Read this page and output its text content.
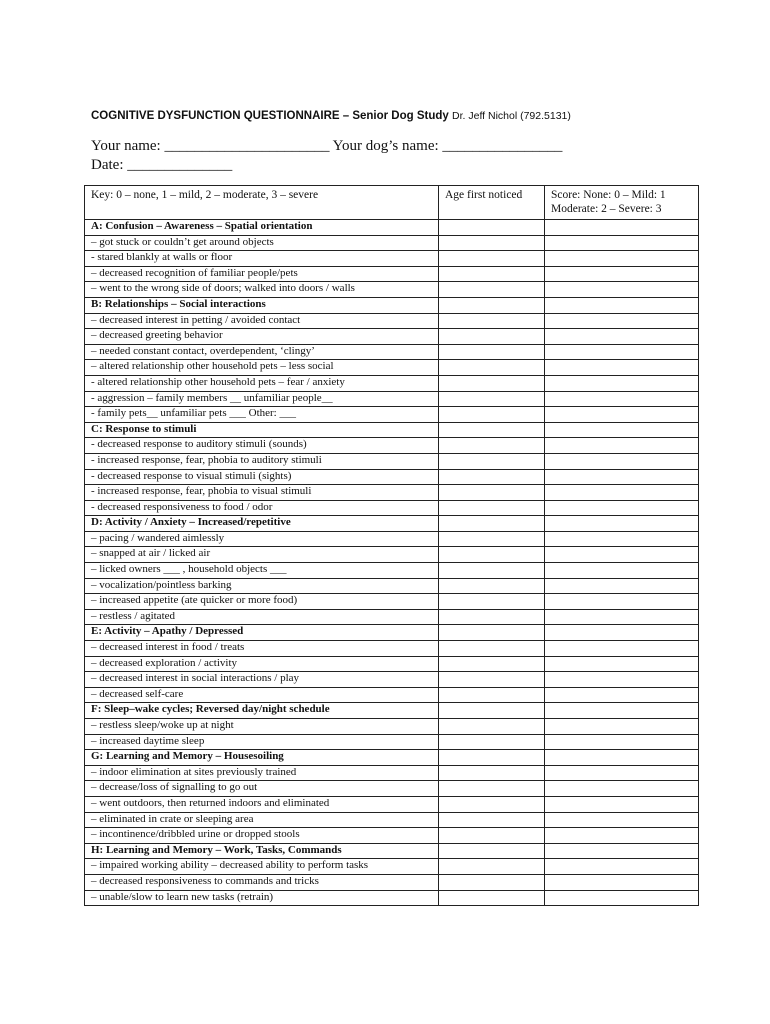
COGNITIVE DYSFUNCTION QUESTIONNAIRE – Senior Dog Study Dr. Jeff Nichol (792.5131)
Your name: ______________________ Your dog’s name: ________________
Date: ______________
Key: 0 – none, 1 – mild, 2 – moderate, 3 – severe	Age first noticed	Score: None: 0 – Mild: 1
Moderate: 2 – Severe: 3

A: Confusion – Awareness – Spatial orientation		
– got stuck or couldn’t get around objects		
- stared blankly at walls or floor		
– decreased recognition of familiar people/pets		
– went to the wrong side of doors; walked into doors / walls		
B: Relationships – Social interactions		
– decreased interest in petting / avoided contact		
– decreased greeting behavior		
– needed constant contact, overdependent, ‘clingy’		
– altered relationship other household pets – less social		
- altered relationship other household pets – fear / anxiety		
- aggression – family members __ unfamiliar people__		
- family pets__ unfamiliar pets ___ Other: ___		
C: Response to stimuli		
- decreased response to auditory stimuli (sounds)		
- increased response, fear, phobia to auditory stimuli		
- decreased response to visual stimuli (sights)		
- increased response, fear, phobia to visual stimuli		
- decreased responsiveness to food / odor		
D: Activity / Anxiety – Increased/repetitive		
– pacing / wandered aimlessly		
– snapped at air / licked air		
– licked owners ___ , household objects ___		
– vocalization/pointless barking		
– increased appetite (ate quicker or more food)		
– restless / agitated		
E: Activity – Apathy / Depressed		
– decreased interest in food / treats		
– decreased exploration / activity		
– decreased interest in social interactions / play		
– decreased self-care		
F: Sleep–wake cycles; Reversed day/night schedule		
– restless sleep/woke up at night		
– increased daytime sleep		
G: Learning and Memory – Housesoiling		
– indoor elimination at sites previously trained		
– decrease/loss of signalling to go out		
– went outdoors, then returned indoors and eliminated		
– eliminated in crate or sleeping area		
– incontinence/dribbled urine or dropped stools		
H: Learning and Memory – Work, Tasks, Commands		
– impaired working ability – decreased ability to perform tasks		
– decreased responsiveness to commands and tricks		
– unable/slow to learn new tasks (retrain)		
